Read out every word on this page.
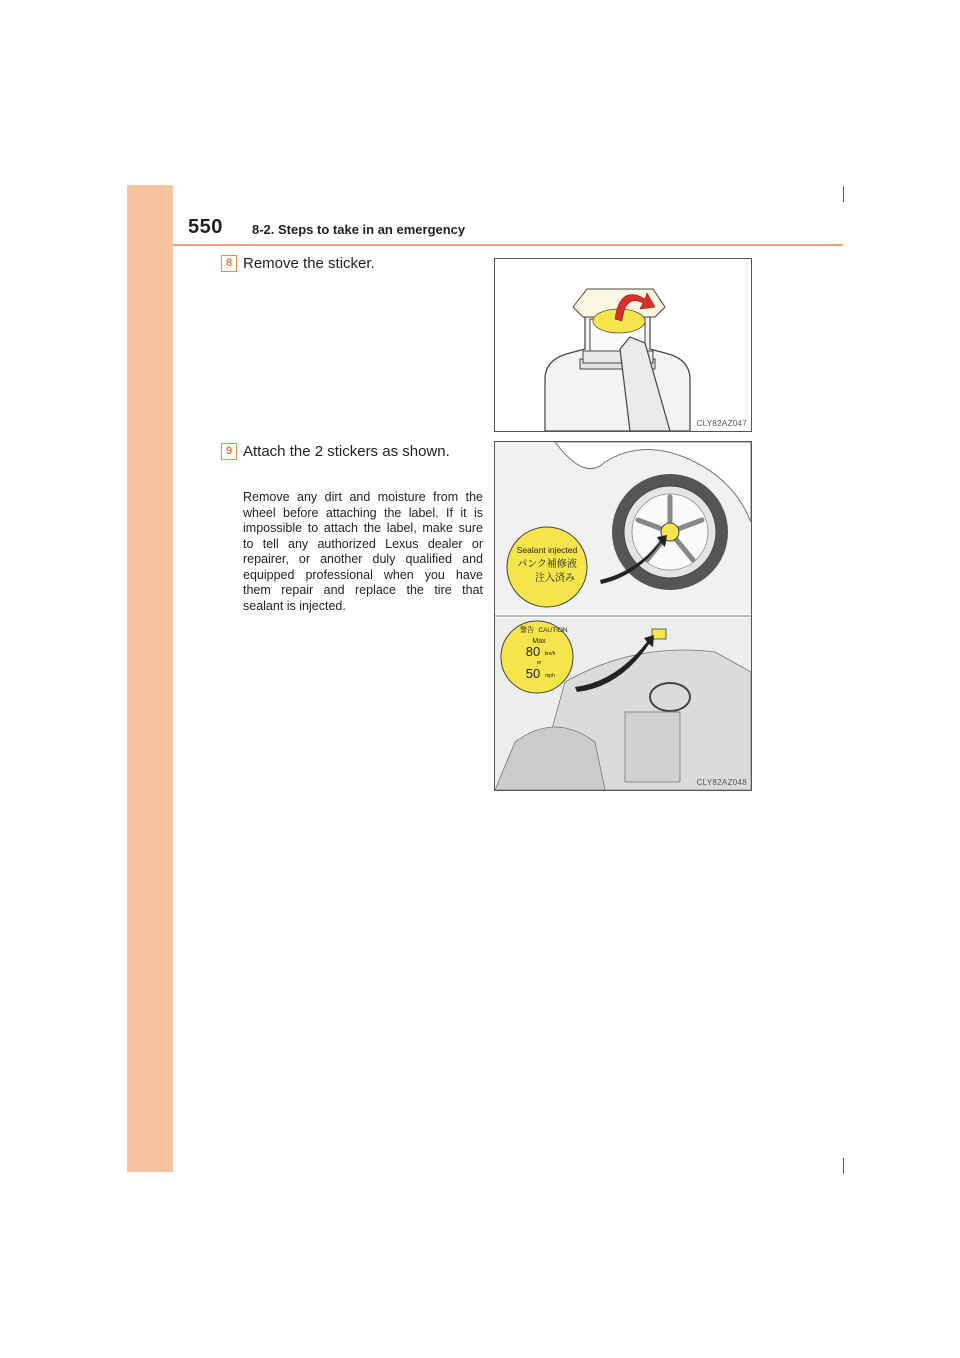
550 8-2. Steps to take in an emergency
8 Remove the sticker.
CLY82AZ047
9 Attach the 2 stickers as shown.
Remove any dirt and moisture from the wheel before attaching the label. If it is impossible to attach the label, make sure to tell any authorized Lexus dealer or repairer, or another duly qualified and equipped professional when you have them repair and replace the tire that sealant is injected.
Sealant injected
パンク補修液
注入済み
警告 CAUTION
Max
80 km/h
or
50 mph
CLY82AZ048
